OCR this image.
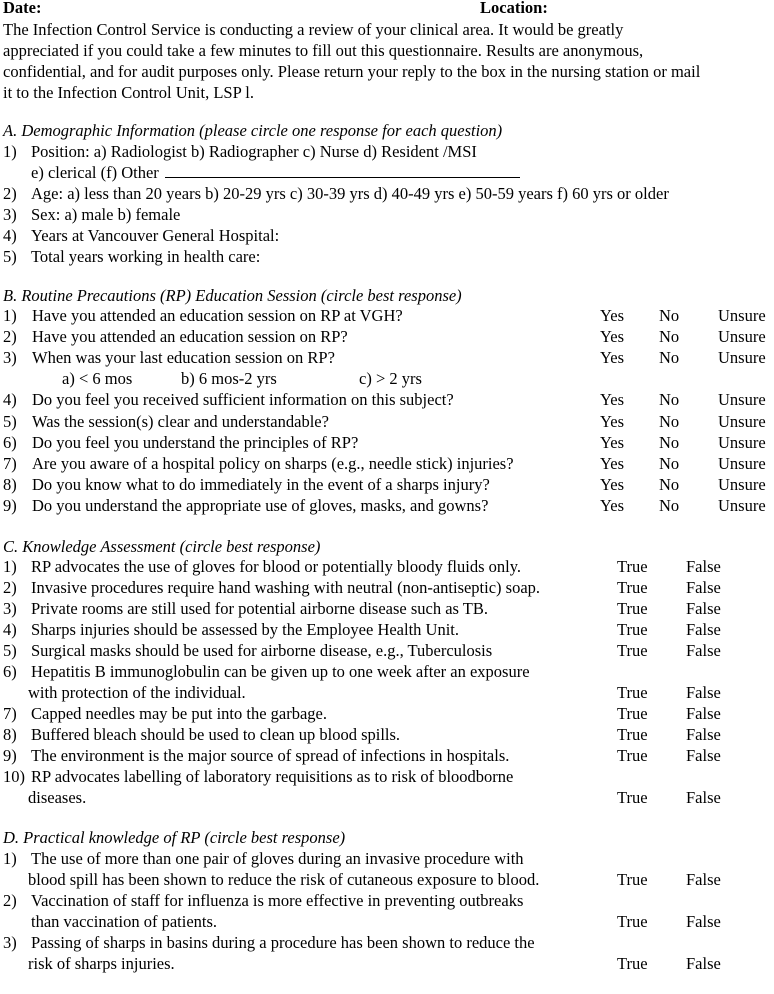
Date:	Location:
The Infection Control Service is conducting a review of your clinical area. It would be greatly
appreciated if you could take a few minutes to fill out this questionnaire. Results are anonymous,
confidential, and for audit purposes only. Please return your reply to the box in the nursing station or mail
it to the Infection Control Unit, LSP l.
A. Demographic Information (please circle one response for each question)
1) Position: a) Radiologist b) Radiographer c) Nurse d) Resident /MSI
e) clerical (f) Other
2) Age: a) less than 20 years b) 20-29 yrs c) 30-39 yrs d) 40-49 yrs e) 50-59 years f) 60 yrs or older
3) Sex: a) male b) female
4) Years at Vancouver General Hospital:
5) Total years working in health care:
B. Routine Precautions (RP) Education Session (circle best response)
1) Have you attended an education session on RP at VGH?	Yes No Unsure
2) Have you attended an education session on RP?	Yes No Unsure
3) When was your last education session on RP?	Yes No Unsure
a) < 6 mos	b) 6 mos-2 yrs	c) > 2 yrs
4) Do you feel you received sufficient information on this subject?	Yes No Unsure
5) Was the session(s) clear and understandable?	Yes No Unsure
6) Do you feel you understand the principles of RP?	Yes No Unsure
7) Are you aware of a hospital policy on sharps (e.g., needle stick) injuries?	Yes No Unsure
8) Do you know what to do immediately in the event of a sharps injury?	Yes No Unsure
9) Do you understand the appropriate use of gloves, masks, and gowns?	Yes No Unsure
C. Knowledge Assessment (circle best response)
1) RP advocates the use of gloves for blood or potentially bloody fluids only.	True False
2) Invasive procedures require hand washing with neutral (non-antiseptic) soap.	True False
3) Private rooms are still used for potential airborne disease such as TB.	True False
4) Sharps injuries should be assessed by the Employee Health Unit.	True False
5) Surgical masks should be used for airborne disease, e.g., Tuberculosis	True False
6) Hepatitis B immunoglobulin can be given up to one week after an exposure
with protection of the individual.	True False
7) Capped needles may be put into the garbage.	True False
8) Buffered bleach should be used to clean up blood spills.	True False
9) The environment is the major source of spread of infections in hospitals.	True False
10) RP advocates labelling of laboratory requisitions as to risk of bloodborne
diseases.	True False
D. Practical knowledge of RP (circle best response)
1) The use of more than one pair of gloves during an invasive procedure with
blood spill has been shown to reduce the risk of cutaneous exposure to blood.	True False
2) Vaccination of staff for influenza is more effective in preventing outbreaks
than vaccination of patients.	True False
3) Passing of sharps in basins during a procedure has been shown to reduce the
risk of sharps injuries.	True False
